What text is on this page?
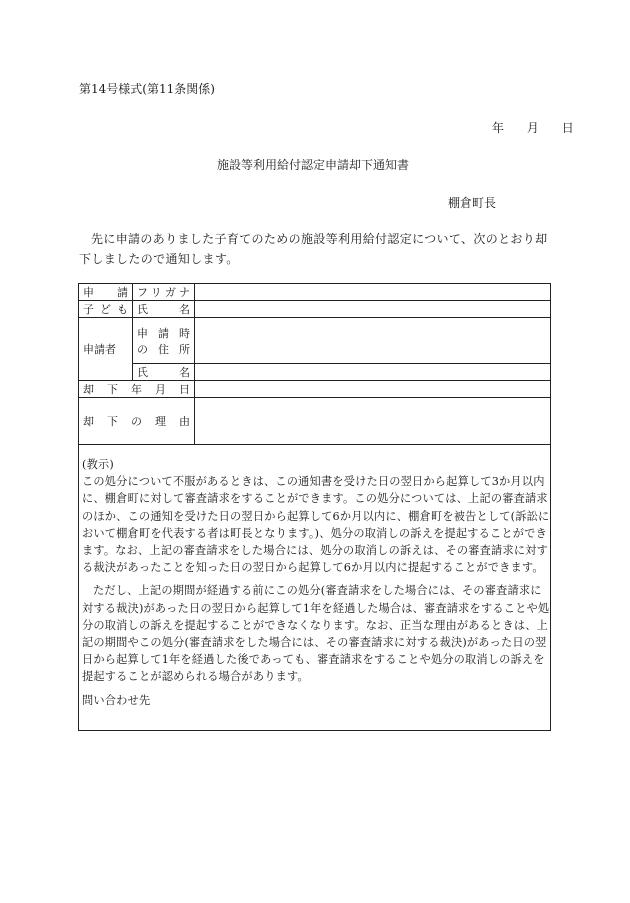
第14号様式(第11条関係)
年 月 日
施設等利用給付認定申請却下通知書
棚倉町長
先に申請のありました子育てのための施設等利用給付認定について、次のとおり却下しましたので通知します。
申　請	フリガナ	

子ども	氏　名	

申請者	申請時
の住所	

	氏　名	

却下年月日		

却下の理由		

(教示)

この処分について不服があるときは、この通知書を受けた日の翌日から起算して3か月以内に、棚倉町に対して審査請求をすることができます。この処分については、上記の審査請求のほか、この通知を受けた日の翌日から起算して6か月以内に、棚倉町を被告として(訴訟において棚倉町を代表する者は町長となります。)、処分の取消しの訴えを提起することができます。なお、上記の審査請求をした場合には、処分の取消しの訴えは、その審査請求に対する裁決があったことを知った日の翌日から起算して6か月以内に提起することができます。

ただし、上記の期間が経過する前にこの処分(審査請求をした場合には、その審査請求に対する裁決)があった日の翌日から起算して1年を経過した場合は、審査請求をすることや処分の取消しの訴えを提起することができなくなります。なお、正当な理由があるときは、上記の期間やこの処分(審査請求をした場合には、その審査請求に対する裁決)があった日の翌日から起算して1年を経過した後であっても、審査請求をすることや処分の取消しの訴えを提起することが認められる場合があります。

問い合わせ先
